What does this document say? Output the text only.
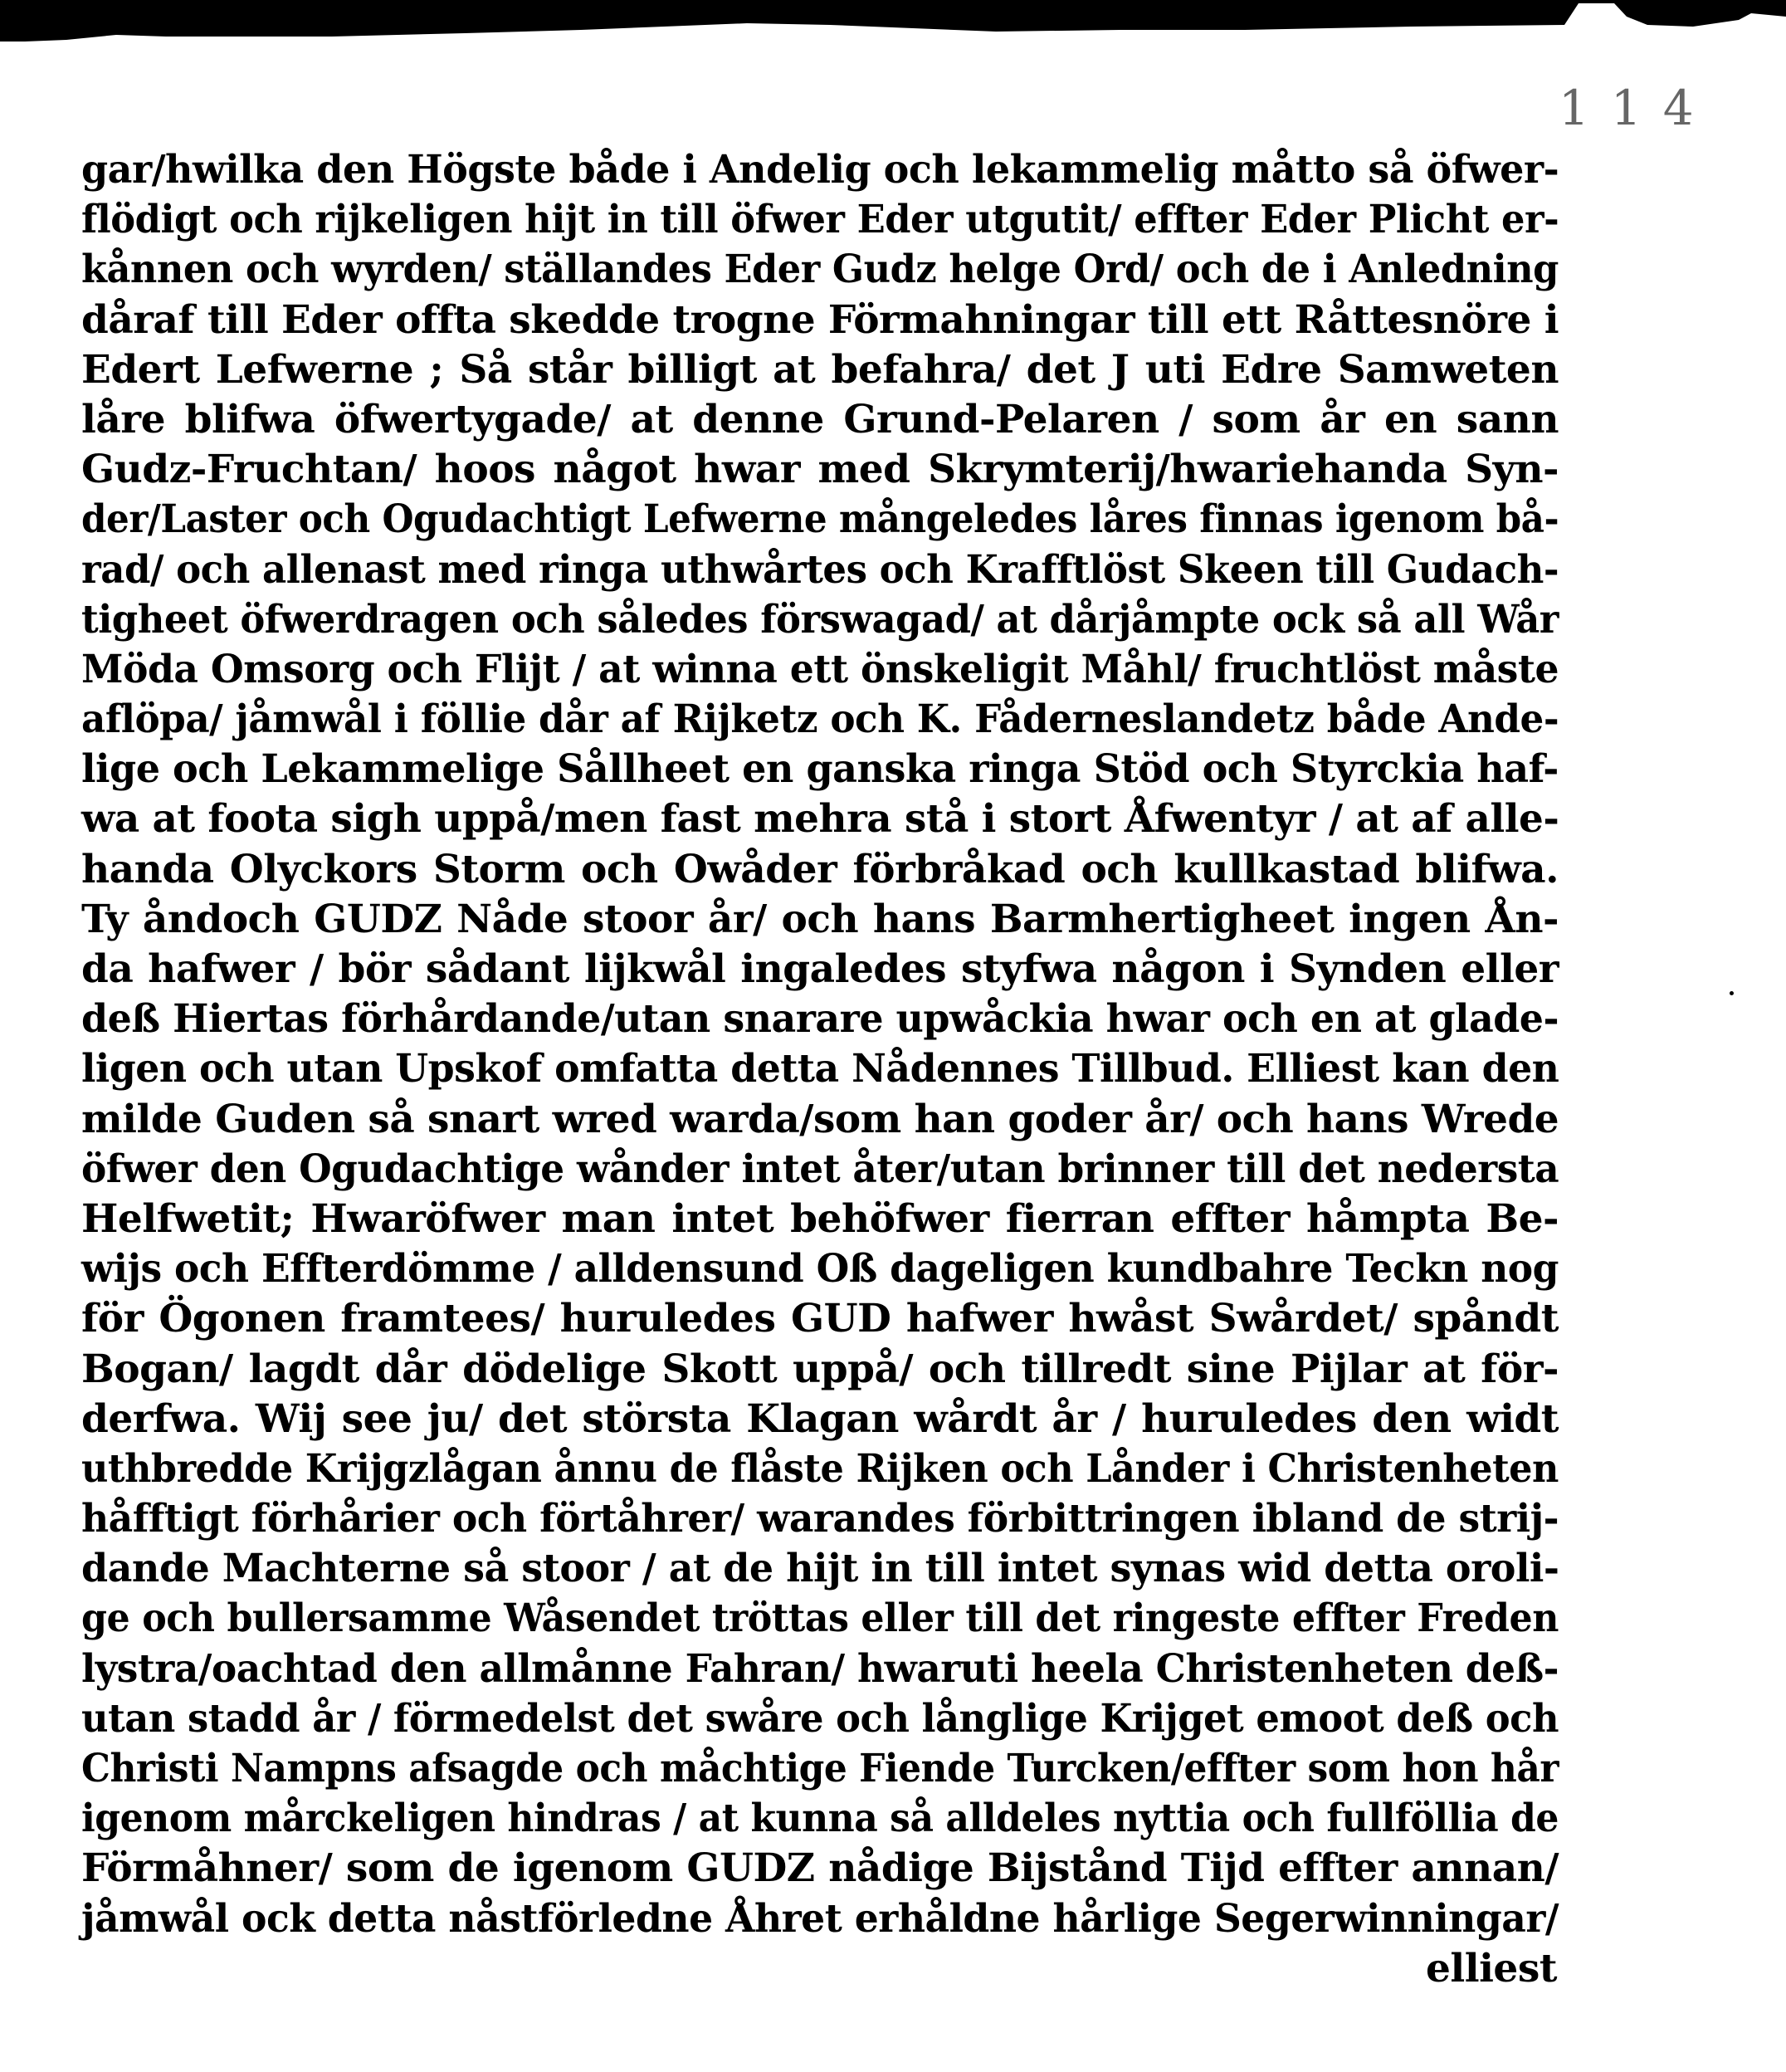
114
gar/hwilka den Högste både i Andelig och lekammelig måtto så öfwer-
flödigt och rijkeligen hijt in till öfwer Eder utgutit/ effter Eder Plicht er-
kånnen och wyrden/ ställandes Eder Gudz helge Ord/ och de i Anledning
dåraf till Eder offta skedde trogne Förmahningar till ett Råttesnöre i
Edert Lefwerne ; Så står billigt at befahra/ det J uti Edre Samweten
låre blifwa öfwertygade/ at denne Grund-Pelaren / som år en sann
Gudz-Fruchtan/ hoos något hwar med Skrymterij/hwariehanda Syn-
der/Laster och Ogudachtigt Lefwerne mångeledes låres finnas igenom bå-
rad/ och allenast med ringa uthwårtes och Krafftlöst Skeen till Gudach-
tigheet öfwerdragen och således förswagad/ at dårjåmpte ock så all Wår
Möda Omsorg och Flijt / at winna ett önskeligit Måhl/ fruchtlöst måste
aflöpa/ jåmwål i föllie dår af Rijketz och K. Fåderneslandetz både Ande-
lige och Lekammelige Sållheet en ganska ringa Stöd och Styrckia haf-
wa at foota sigh uppå/men fast mehra stå i stort Åfwentyr / at af alle-
handa Olyckors Storm och Owåder förbråkad och kullkastad blifwa.
Ty åndoch GUDZ Nåde stoor år/ och hans Barmhertigheet ingen Ån-
da hafwer / bör sådant lijkwål ingaledes styfwa någon i Synden eller
deß Hiertas förhårdande/utan snarare upwåckia hwar och en at glade-
ligen och utan Upskof omfatta detta Nådennes Tillbud. Elliest kan den
milde Guden så snart wred warda/som han goder år/ och hans Wrede
öfwer den Ogudachtige wånder intet åter/utan brinner till det nedersta
Helfwetit; Hwaröfwer man intet behöfwer fierran effter håmpta Be-
wijs och Effterdömme / alldensund Oß dageligen kundbahre Teckn nog
för Ögonen framtees/ huruledes GUD hafwer hwåst Swårdet/ spåndt
Bogan/ lagdt dår dödelige Skott uppå/ och tillredt sine Pijlar at för-
derfwa. Wij see ju/ det största Klagan wårdt år / huruledes den widt
uthbredde Krijgzlågan ånnu de flåste Rijken och Lånder i Christenheten
håfftigt förhårier och förtåhrer/ warandes förbittringen ibland de strij-
dande Machterne så stoor / at de hijt in till intet synas wid detta oroli-
ge och bullersamme Wåsendet tröttas eller till det ringeste effter Freden
lystra/oachtad den allmånne Fahran/ hwaruti heela Christenheten deß-
utan stadd år / förmedelst det swåre och långlige Krijget emoot deß och
Christi Nampns afsagde och måchtige Fiende Turcken/effter som hon hår
igenom mårckeligen hindras / at kunna så alldeles nyttia och fullföllia de
Förmåhner/ som de igenom GUDZ nådige Bijstånd Tijd effter annan/
jåmwål ock detta nåstförledne Åhret erhåldne hårlige Segerwinningar/
elliest
